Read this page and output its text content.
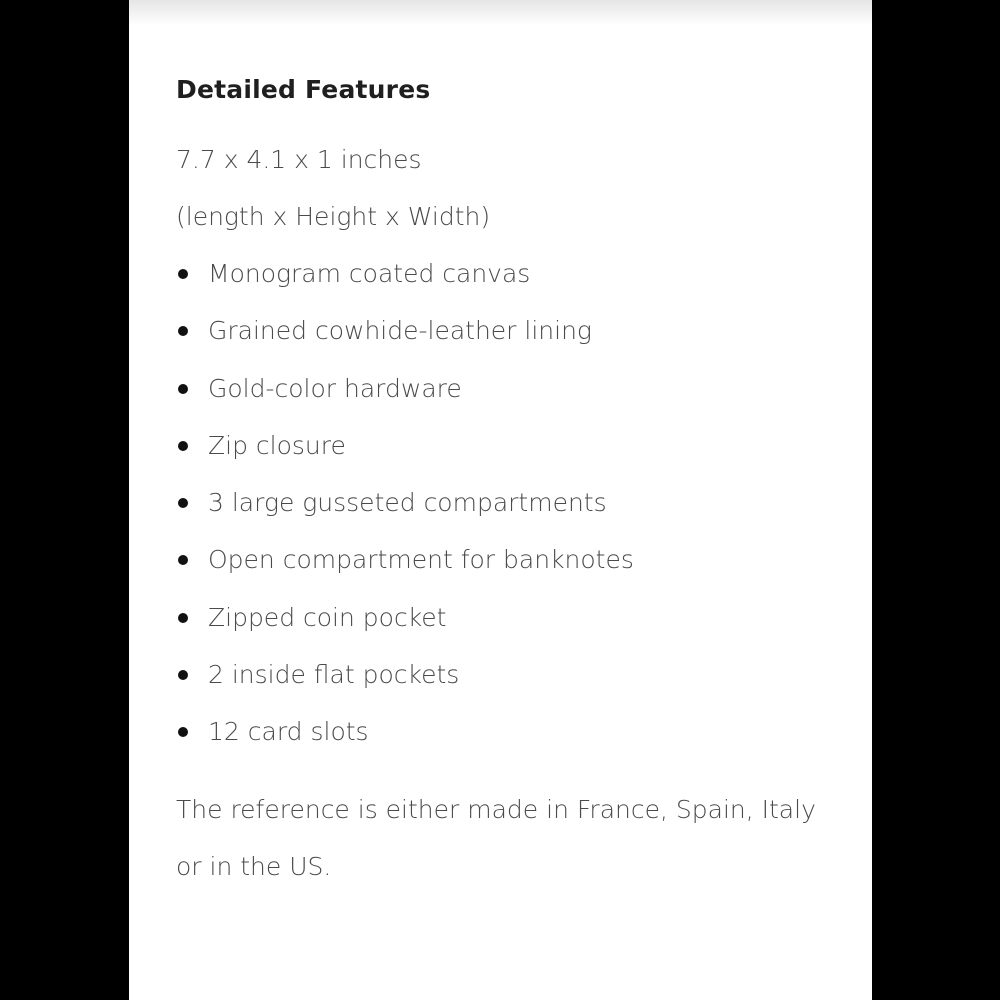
Detailed Features
7.7 x 4.1 x 1 inches
(length x Height x Width)
Monogram coated canvas
Grained cowhide-leather lining
Gold-color hardware
Zip closure
3 large gusseted compartments
Open compartment for banknotes
Zipped coin pocket
2 inside flat pockets
12 card slots
The reference is either made in France, Spain, Italy
or in the US.
